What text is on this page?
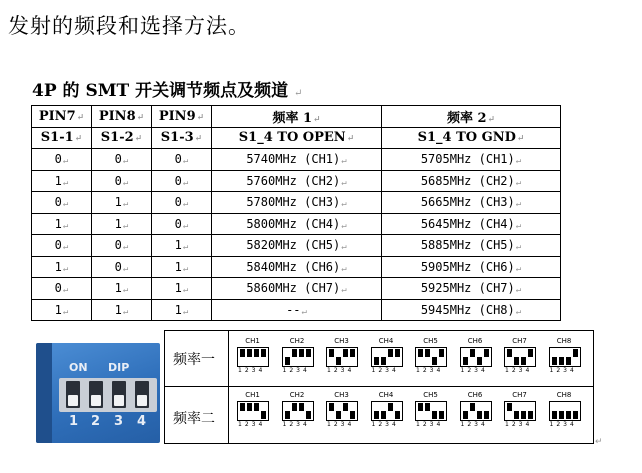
发射的频段和选择方法。
4P 的 SMT 开关调节频点及频道 ↵
PIN7↵	PIN8↵	PIN9↵	频率 1↵	频率 2↵
S1-1↵	S1-2↵	S1-3↵	S1_4 TO OPEN↵	S1_4 TO GND↵
0↵	0↵	0↵	5740MHz (CH1)↵	5705MHz (CH1)↵
1↵	0↵	0↵	5760MHz (CH2)↵	5685MHz (CH2)↵
0↵	1↵	0↵	5780MHz (CH3)↵	5665MHz (CH3)↵
1↵	1↵	0↵	5800MHz (CH4)↵	5645MHz (CH4)↵
0↵	0↵	1↵	5820MHz (CH5)↵	5885MHz (CH5)↵
1↵	0↵	1↵	5840MHz (CH6)↵	5905MHz (CH6)↵
0↵	1↵	1↵	5860MHz (CH7)↵	5925MHz (CH7)↵
1↵	1↵	1↵	--↵	5945MHz (CH8)↵
ON DIP
1 2 3 4
频率一
频率二
CH1
1234
CH2
1234
CH3
1234
CH4
1234
CH5
1234
CH6
1234
CH7
1234
CH8
1234
CH1
1234
CH2
1234
CH3
1234
CH4
1234
CH5
1234
CH6
1234
CH7
1234
CH8
1234
↵
